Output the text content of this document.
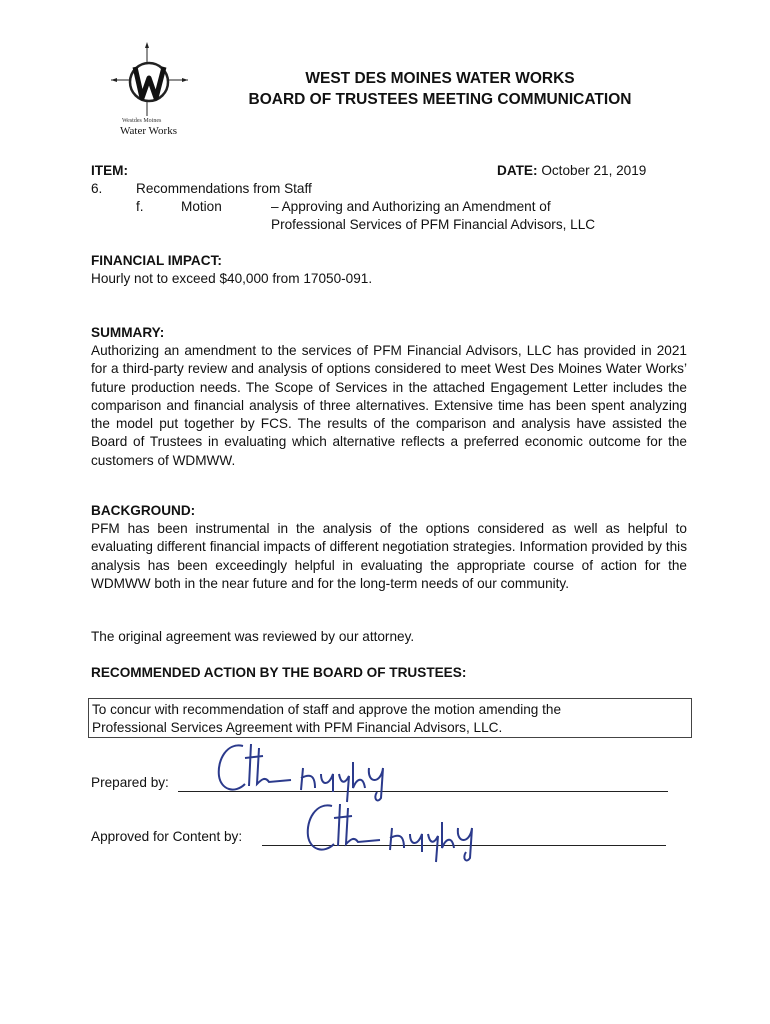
Westdes Moines
Water Works
WEST DES MOINES WATER WORKS
BOARD OF TRUSTEES MEETING COMMUNICATION
ITEM:	DATE: October 21, 2019
6. Recommendations from Staff
f.	Motion	– Approving and Authorizing an Amendment of
Professional Services of PFM Financial Advisors, LLC
FINANCIAL IMPACT:
Hourly not to exceed $40,000 from 17050-091.
SUMMARY:
Authorizing an amendment to the services of PFM Financial Advisors, LLC has provided in 2021 for a third-party review and analysis of options considered to meet West Des Moines Water Works’ future production needs. The Scope of Services in the attached Engagement Letter includes the comparison and financial analysis of three alternatives. Extensive time has been spent analyzing the model put together by FCS. The results of the comparison and analysis have assisted the Board of Trustees in evaluating which alternative reflects a preferred economic outcome for the customers of WDMWW.
BACKGROUND:
PFM has been instrumental in the analysis of the options considered as well as helpful to evaluating different financial impacts of different negotiation strategies. Information provided by this analysis has been exceedingly helpful in evaluating the appropriate course of action for the WDMWW both in the near future and for the long-term needs of our community.
The original agreement was reviewed by our attorney.
RECOMMENDED ACTION BY THE BOARD OF TRUSTEES:
To concur with recommendation of staff and approve the motion amending the
Professional Services Agreement with PFM Financial Advisors, LLC.
Prepared by:
Approved for Content by:
